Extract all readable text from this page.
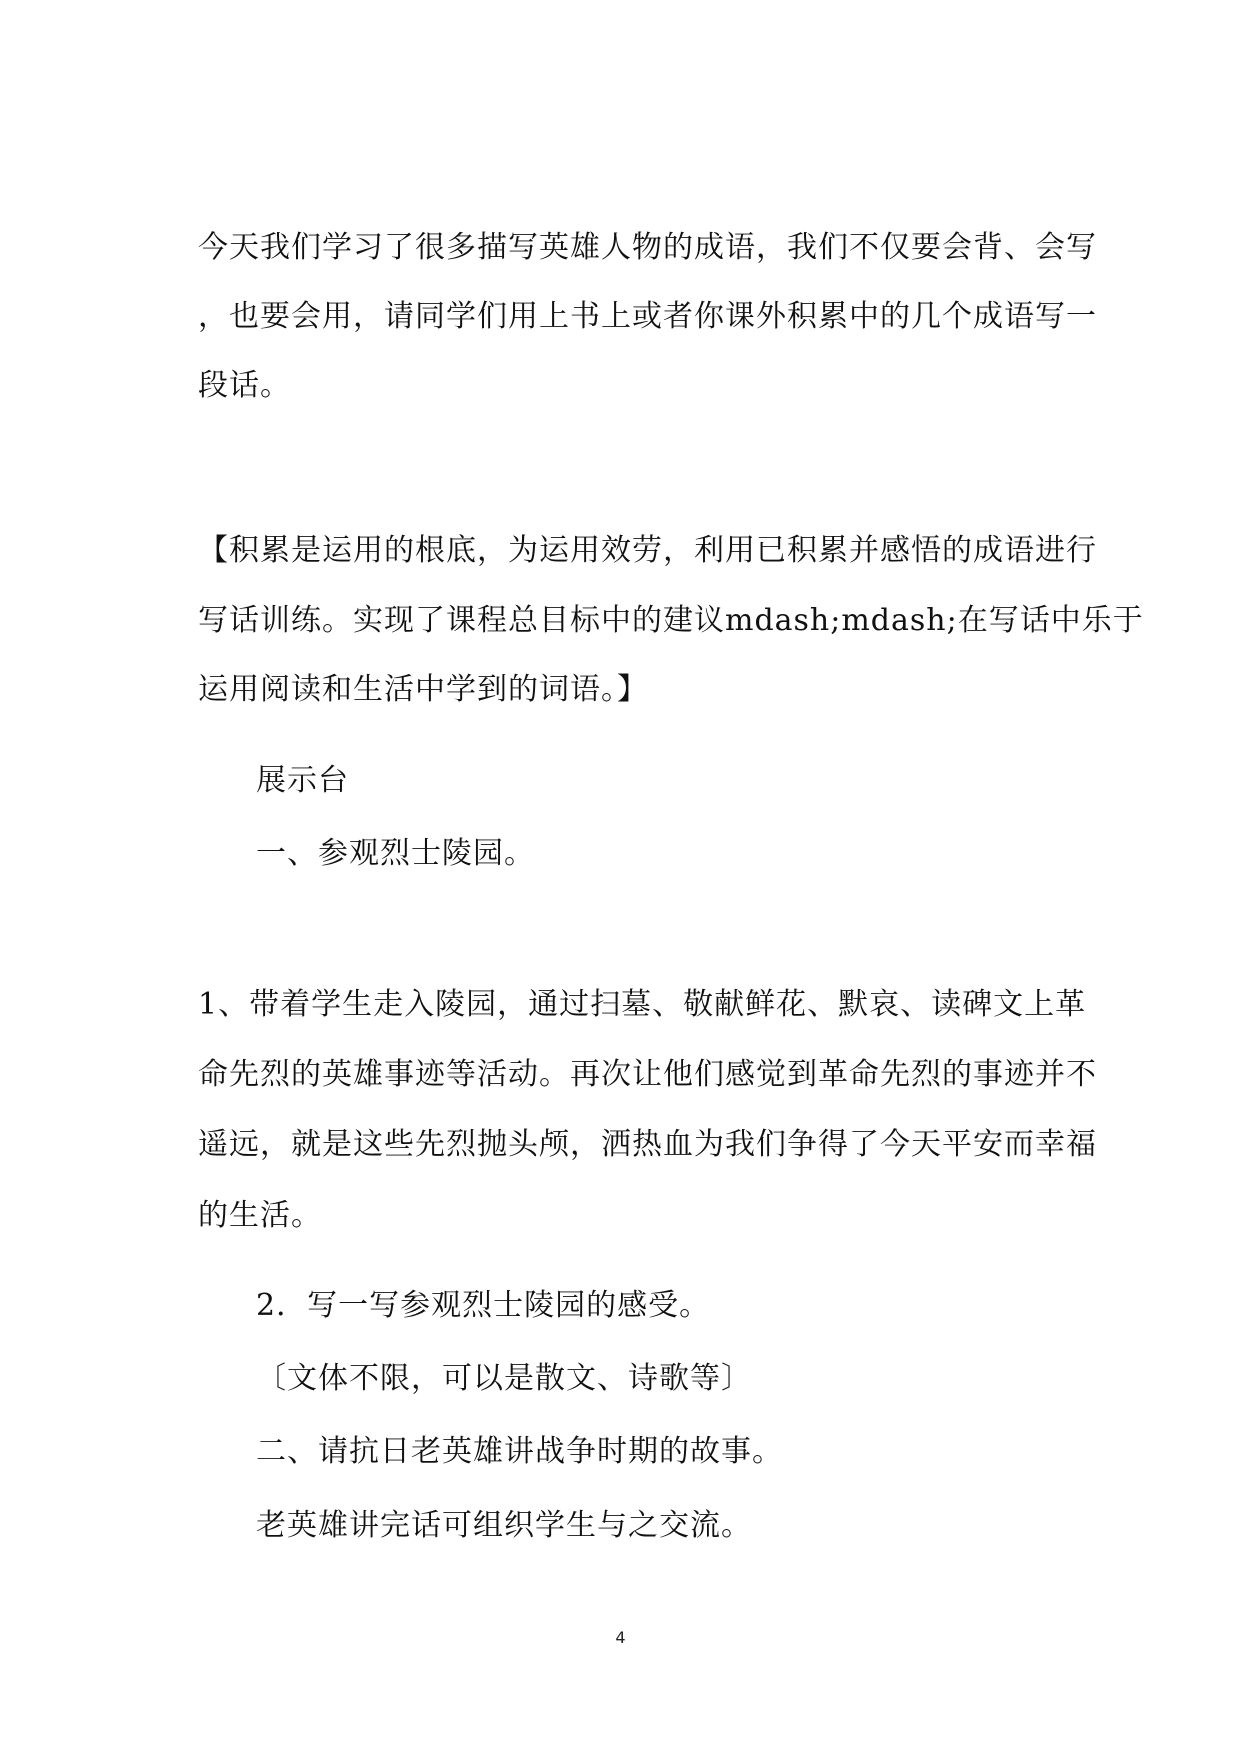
今天我们学习了很多描写英雄人物的成语，我们不仅要会背、会写
，也要会用，请同学们用上书上或者你课外积累中的几个成语写一
段话。
【积累是运用的根底，为运用效劳，利用已积累并感悟的成语进行
写话训练。实现了课程总目标中的建议mdash;mdash;在写话中乐于
运用阅读和生活中学到的词语。】
展示台
一、参观烈士陵园。
1、带着学生走入陵园，通过扫墓、敬献鲜花、默哀、读碑文上革
命先烈的英雄事迹等活动。再次让他们感觉到革命先烈的事迹并不
遥远，就是这些先烈抛头颅，洒热血为我们争得了今天平安而幸福
的生活。
2．写一写参观烈士陵园的感受。
〔文体不限，可以是散文、诗歌等〕
二、请抗日老英雄讲战争时期的故事。
老英雄讲完话可组织学生与之交流。
4
